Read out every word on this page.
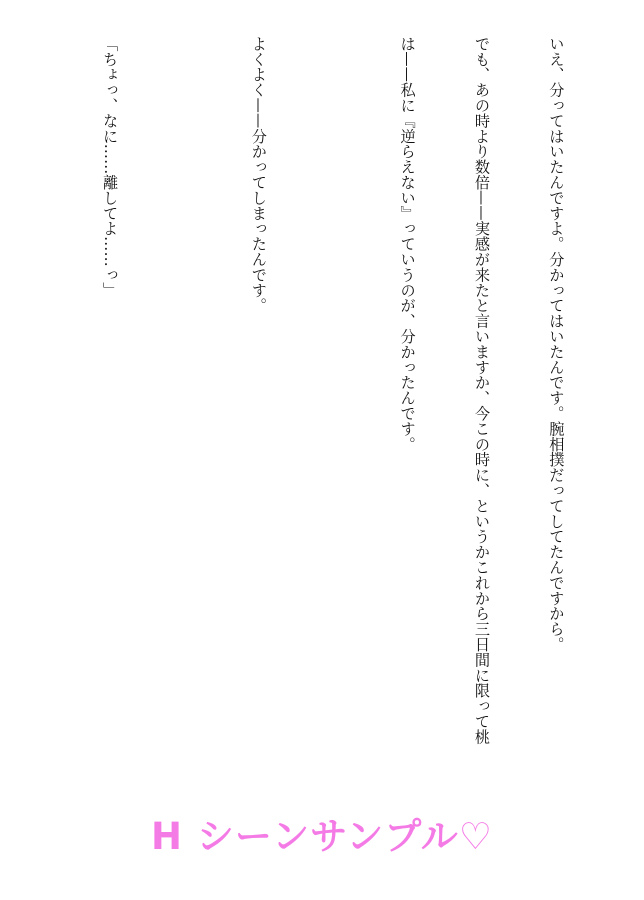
いえ、分ってはいたんですよ。分かってはいたんです。腕相撲だってしてたんですから。

でも、あの時より数倍——実感が来たと言いますか、今この時に、というかこれから三日間に限って桃

は——私に『逆らえない』っていうのが、分かったんです。

よくよく——分かってしまったんです。

「ちょっ、なに……離してよ……っ」

H シーンサンプル♡
